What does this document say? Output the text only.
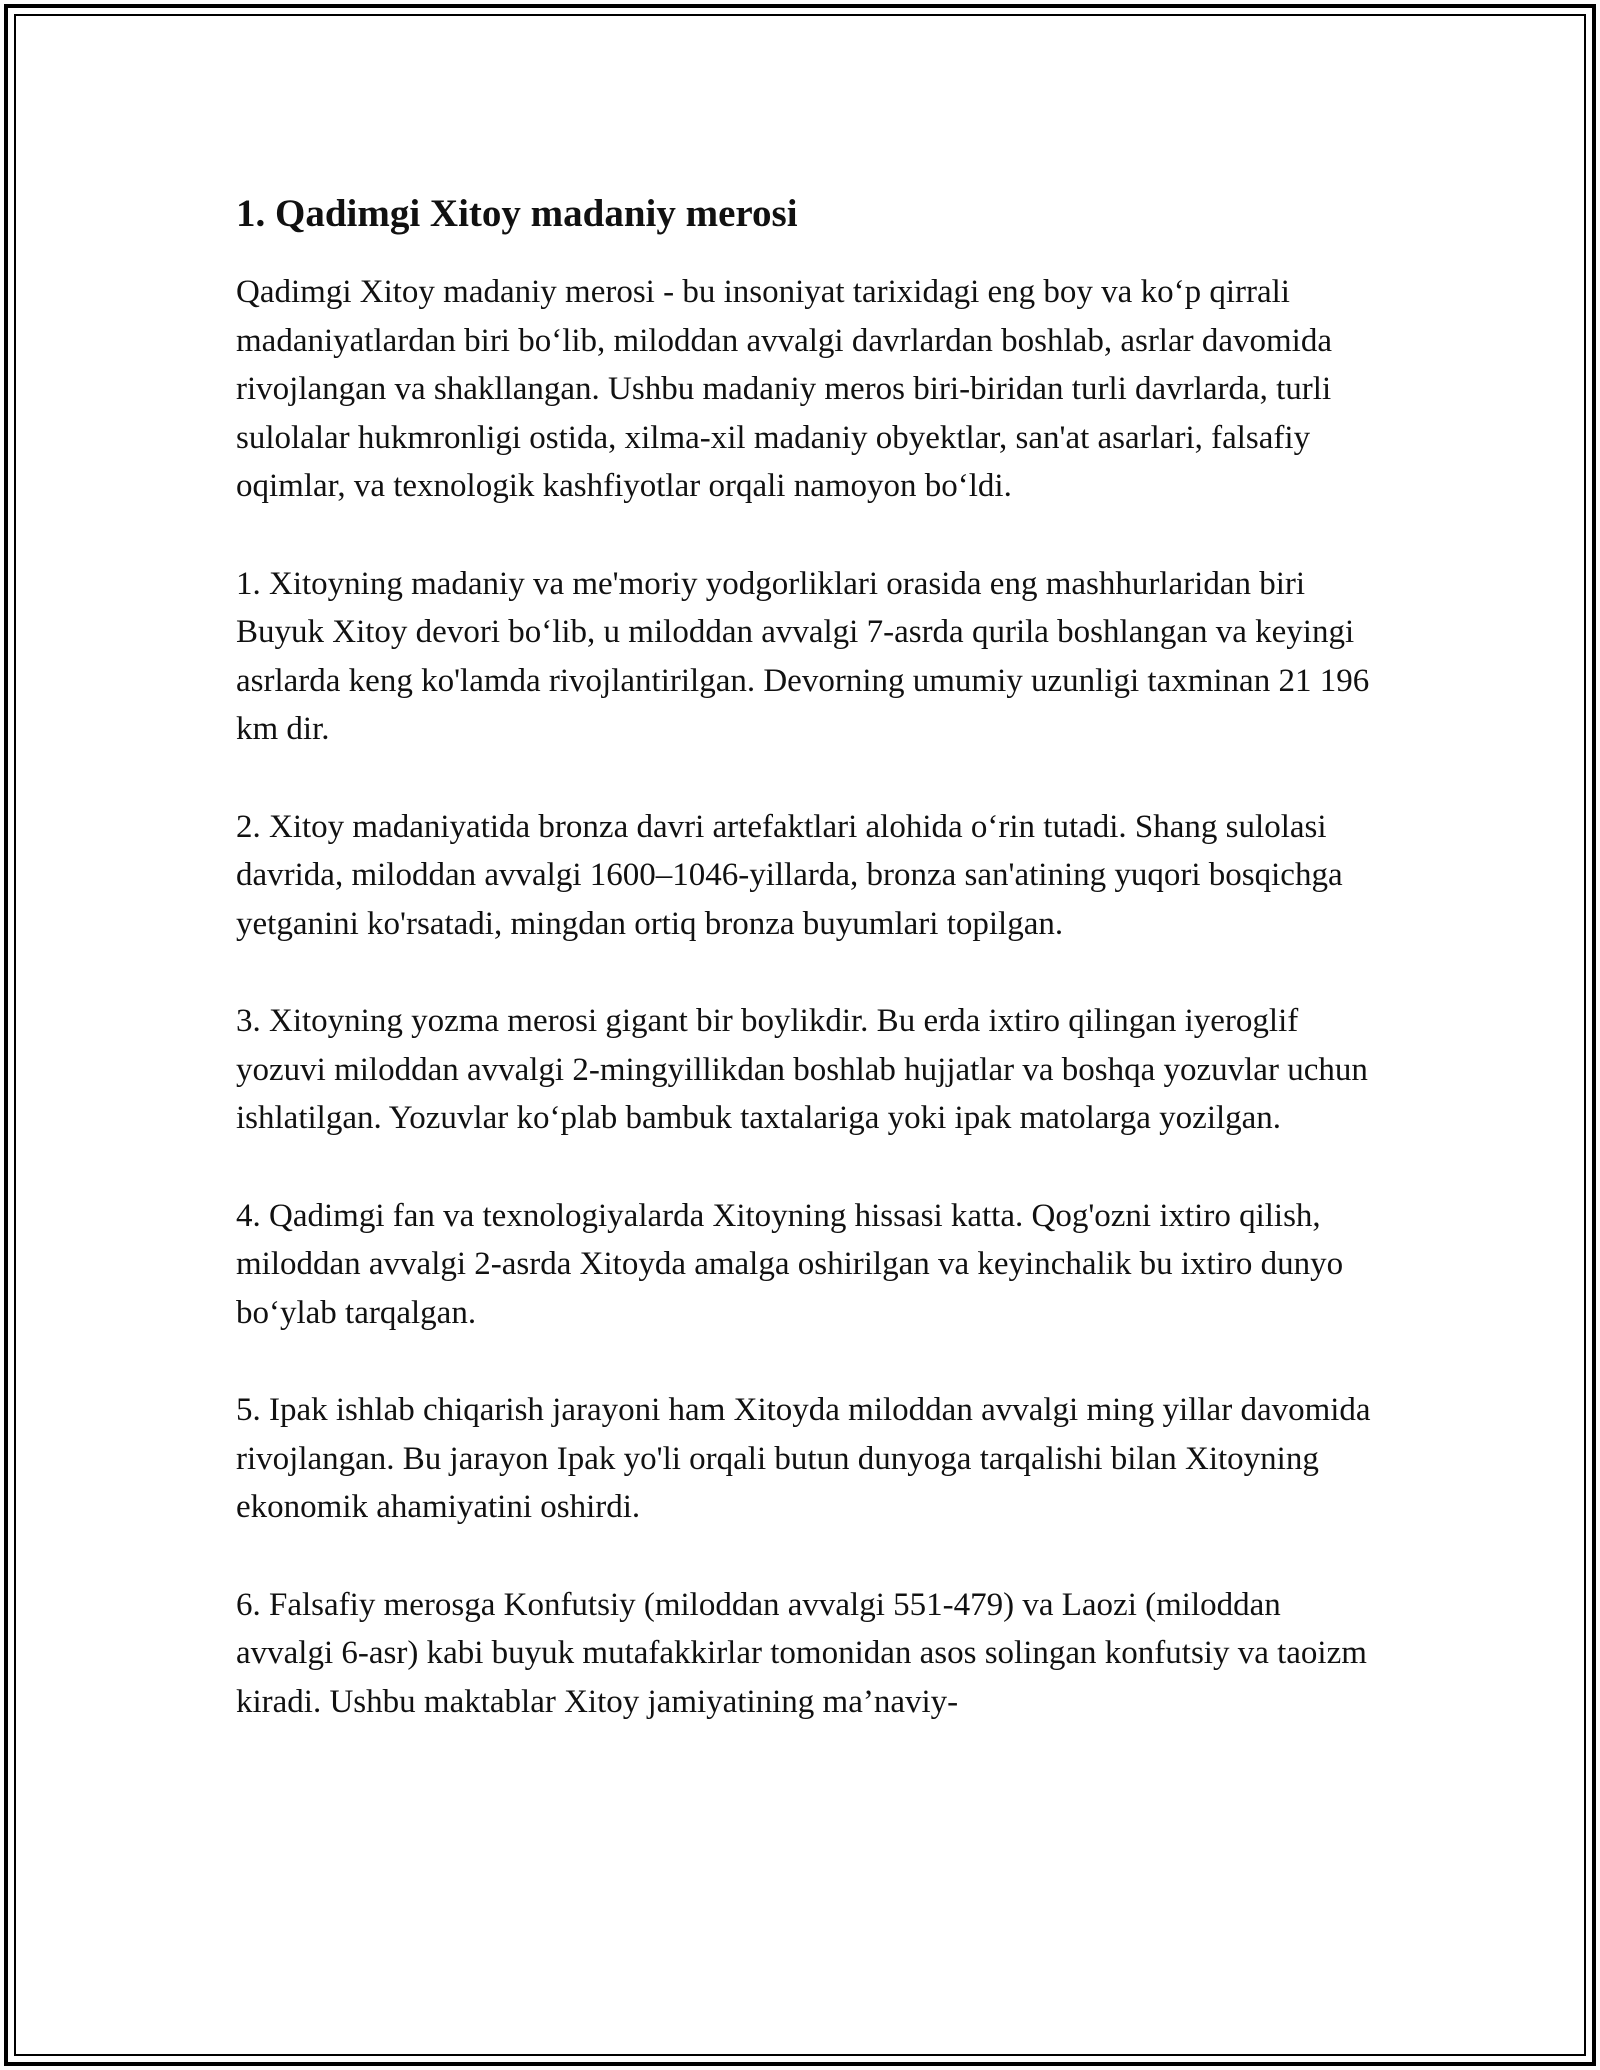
1. Qadimgi Xitoy madaniy merosi

Qadimgi Xitoy madaniy merosi - bu insoniyat tarixidagi eng boy va ko‘p qirrali madaniyatlardan biri bo‘lib, miloddan avvalgi davrlardan boshlab, asrlar davomida rivojlangan va shakllangan. Ushbu madaniy meros biri-biridan turli davrlarda, turli sulolalar hukmronligi ostida, xilma-xil madaniy obyektlar, san'at asarlari, falsafiy oqimlar, va texnologik kashfiyotlar orqali namoyon bo‘ldi.

1. Xitoyning madaniy va me'moriy yodgorliklari orasida eng mashhurlaridan biri Buyuk Xitoy devori bo‘lib, u miloddan avvalgi 7-asrda qurila boshlangan va keyingi asrlarda keng ko'lamda rivojlantirilgan. Devorning umumiy uzunligi taxminan 21 196 km dir.

2. Xitoy madaniyatida bronza davri artefaktlari alohida o‘rin tutadi. Shang sulolasi davrida, miloddan avvalgi 1600–1046-yillarda, bronza san'atining yuqori bosqichga yetganini ko'rsatadi, mingdan ortiq bronza buyumlari topilgan.

3. Xitoyning yozma merosi gigant bir boylikdir. Bu erda ixtiro qilingan iyeroglif yozuvi miloddan avvalgi 2-mingyillikdan boshlab hujjatlar va boshqa yozuvlar uchun ishlatilgan. Yozuvlar ko‘plab bambuk taxtalariga yoki ipak matolarga yozilgan.

4. Qadimgi fan va texnologiyalarda Xitoyning hissasi katta. Qog'ozni ixtiro qilish, miloddan avvalgi 2-asrda Xitoyda amalga oshirilgan va keyinchalik bu ixtiro dunyo bo‘ylab tarqalgan.

5. Ipak ishlab chiqarish jarayoni ham Xitoyda miloddan avvalgi ming yillar davomida rivojlangan. Bu jarayon Ipak yo'li orqali butun dunyoga tarqalishi bilan Xitoyning ekonomik ahamiyatini oshirdi.

6. Falsafiy merosga Konfutsiy (miloddan avvalgi 551-479) va Laozi (miloddan avvalgi 6-asr) kabi buyuk mutafakkirlar tomonidan asos solingan konfutsiy va taoizm kiradi. Ushbu maktablar Xitoy jamiyatining ma’naviy-
